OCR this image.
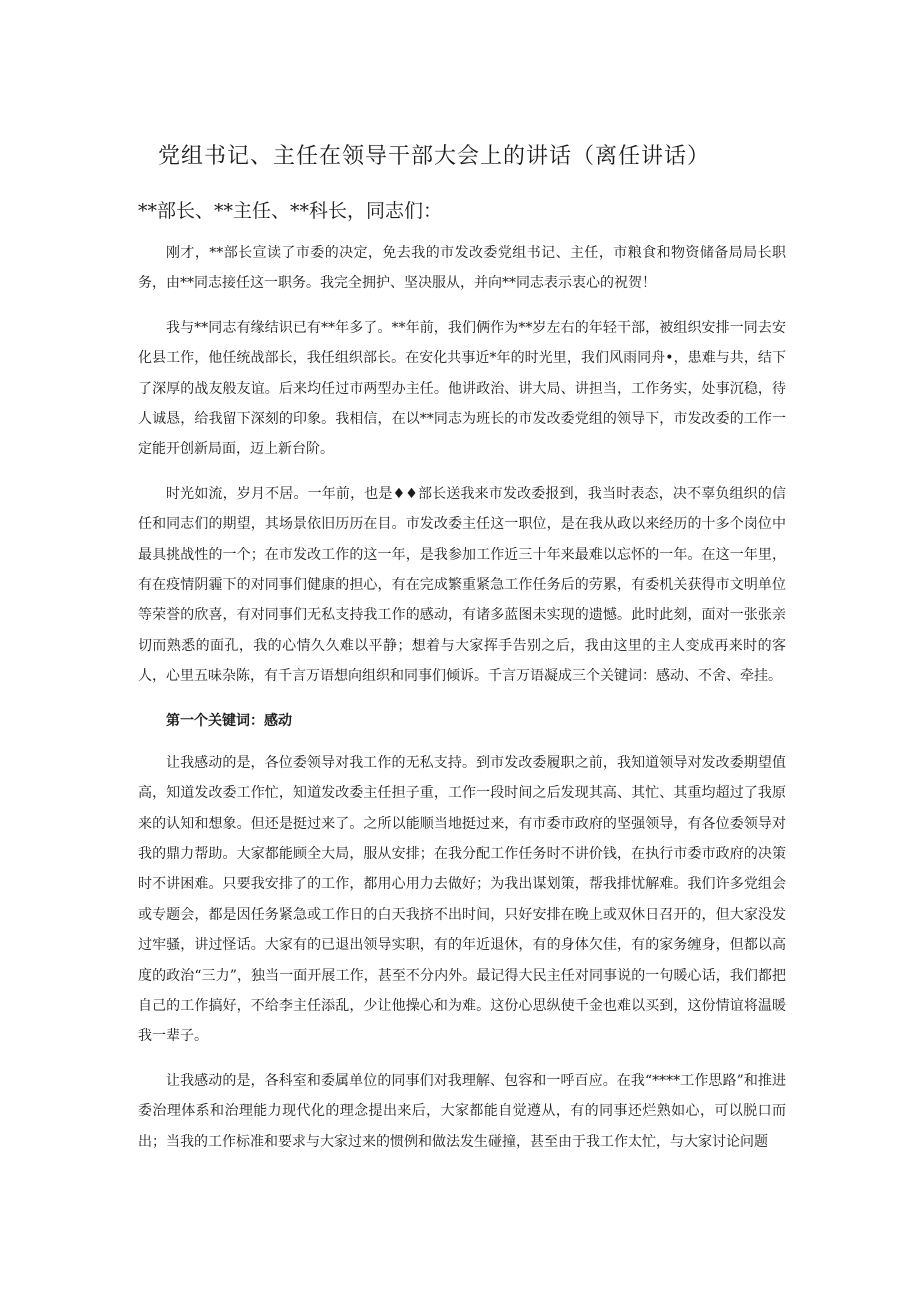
党组书记、主任在领导干部大会上的讲话（离任讲话）
**部长、**主任、**科长，同志们：

刚才，**部长宣读了市委的决定，免去我的市发改委党组书记、主任，市粮食和物资储备局局长职务，由**同志接任这一职务。我完全拥护、坚决服从，并向**同志表示衷心的祝贺！

我与**同志有缘结识已有**年多了。**年前，我们俩作为**岁左右的年轻干部，被组织安排一同去安化县工作，他任统战部长，我任组织部长。在安化共事近*年的时光里，我们风雨同舟•，患难与共，结下了深厚的战友般友谊。后来均任过市两型办主任。他讲政治、讲大局、讲担当，工作务实，处事沉稳，待人诚恳，给我留下深刻的印象。我相信，在以**同志为班长的市发改委党组的领导下，市发改委的工作一定能开创新局面，迈上新台阶。

时光如流，岁月不居。一年前，也是♦♦部长送我来市发改委报到，我当时表态，决不辜负组织的信任和同志们的期望，其场景依旧历历在目。市发改委主任这一职位，是在我从政以来经历的十多个岗位中最具挑战性的一个；在市发改工作的这一年，是我参加工作近三十年来最难以忘怀的一年。在这一年里，有在疫情阴霾下的对同事们健康的担心，有在完成繁重紧急工作任务后的劳累，有委机关获得市文明单位等荣誉的欣喜，有对同事们无私支持我工作的感动，有诸多蓝图未实现的遗憾。此时此刻，面对一张张亲切而熟悉的面孔，我的心情久久难以平静；想着与大家挥手告别之后，我由这里的主人变成再来时的客人，心里五味杂陈，有千言万语想向组织和同事们倾诉。千言万语凝成三个关键词：感动、不舍、牵挂。

第一个关键词：感动

让我感动的是，各位委领导对我工作的无私支持。到市发改委履职之前，我知道领导对发改委期望值高，知道发改委工作忙，知道发改委主任担子重，工作一段时间之后发现其高、其忙、其重均超过了我原来的认知和想象。但还是挺过来了。之所以能顺当地挺过来，有市委市政府的坚强领导，有各位委领导对我的鼎力帮助。大家都能顾全大局，服从安排；在我分配工作任务时不讲价钱，在执行市委市政府的决策时不讲困难。只要我安排了的工作，都用心用力去做好；为我出谋划策，帮我排忧解难。我们许多党组会或专题会，都是因任务紧急或工作日的白天我挤不出时间，只好安排在晚上或双休日召开的，但大家没发过牢骚，讲过怪话。大家有的已退出领导实职，有的年近退休，有的身体欠佳，有的家务缠身，但都以高度的政治“三力”，独当一面开展工作，甚至不分内外。最记得大民主任对同事说的一句暖心话，我们都把自己的工作搞好，不给李主任添乱，少让他操心和为难。这份心思纵使千金也难以买到，这份情谊将温暖我一辈子。

让我感动的是，各科室和委属单位的同事们对我理解、包容和一呼百应。在我“****工作思路”和推进委治理体系和治理能力现代化的理念提出来后，大家都能自觉遵从，有的同事还烂熟如心，可以脱口而出；当我的工作标准和要求与大家过来的惯例和做法发生碰撞，甚至由于我工作太忙，与大家讨论问题
